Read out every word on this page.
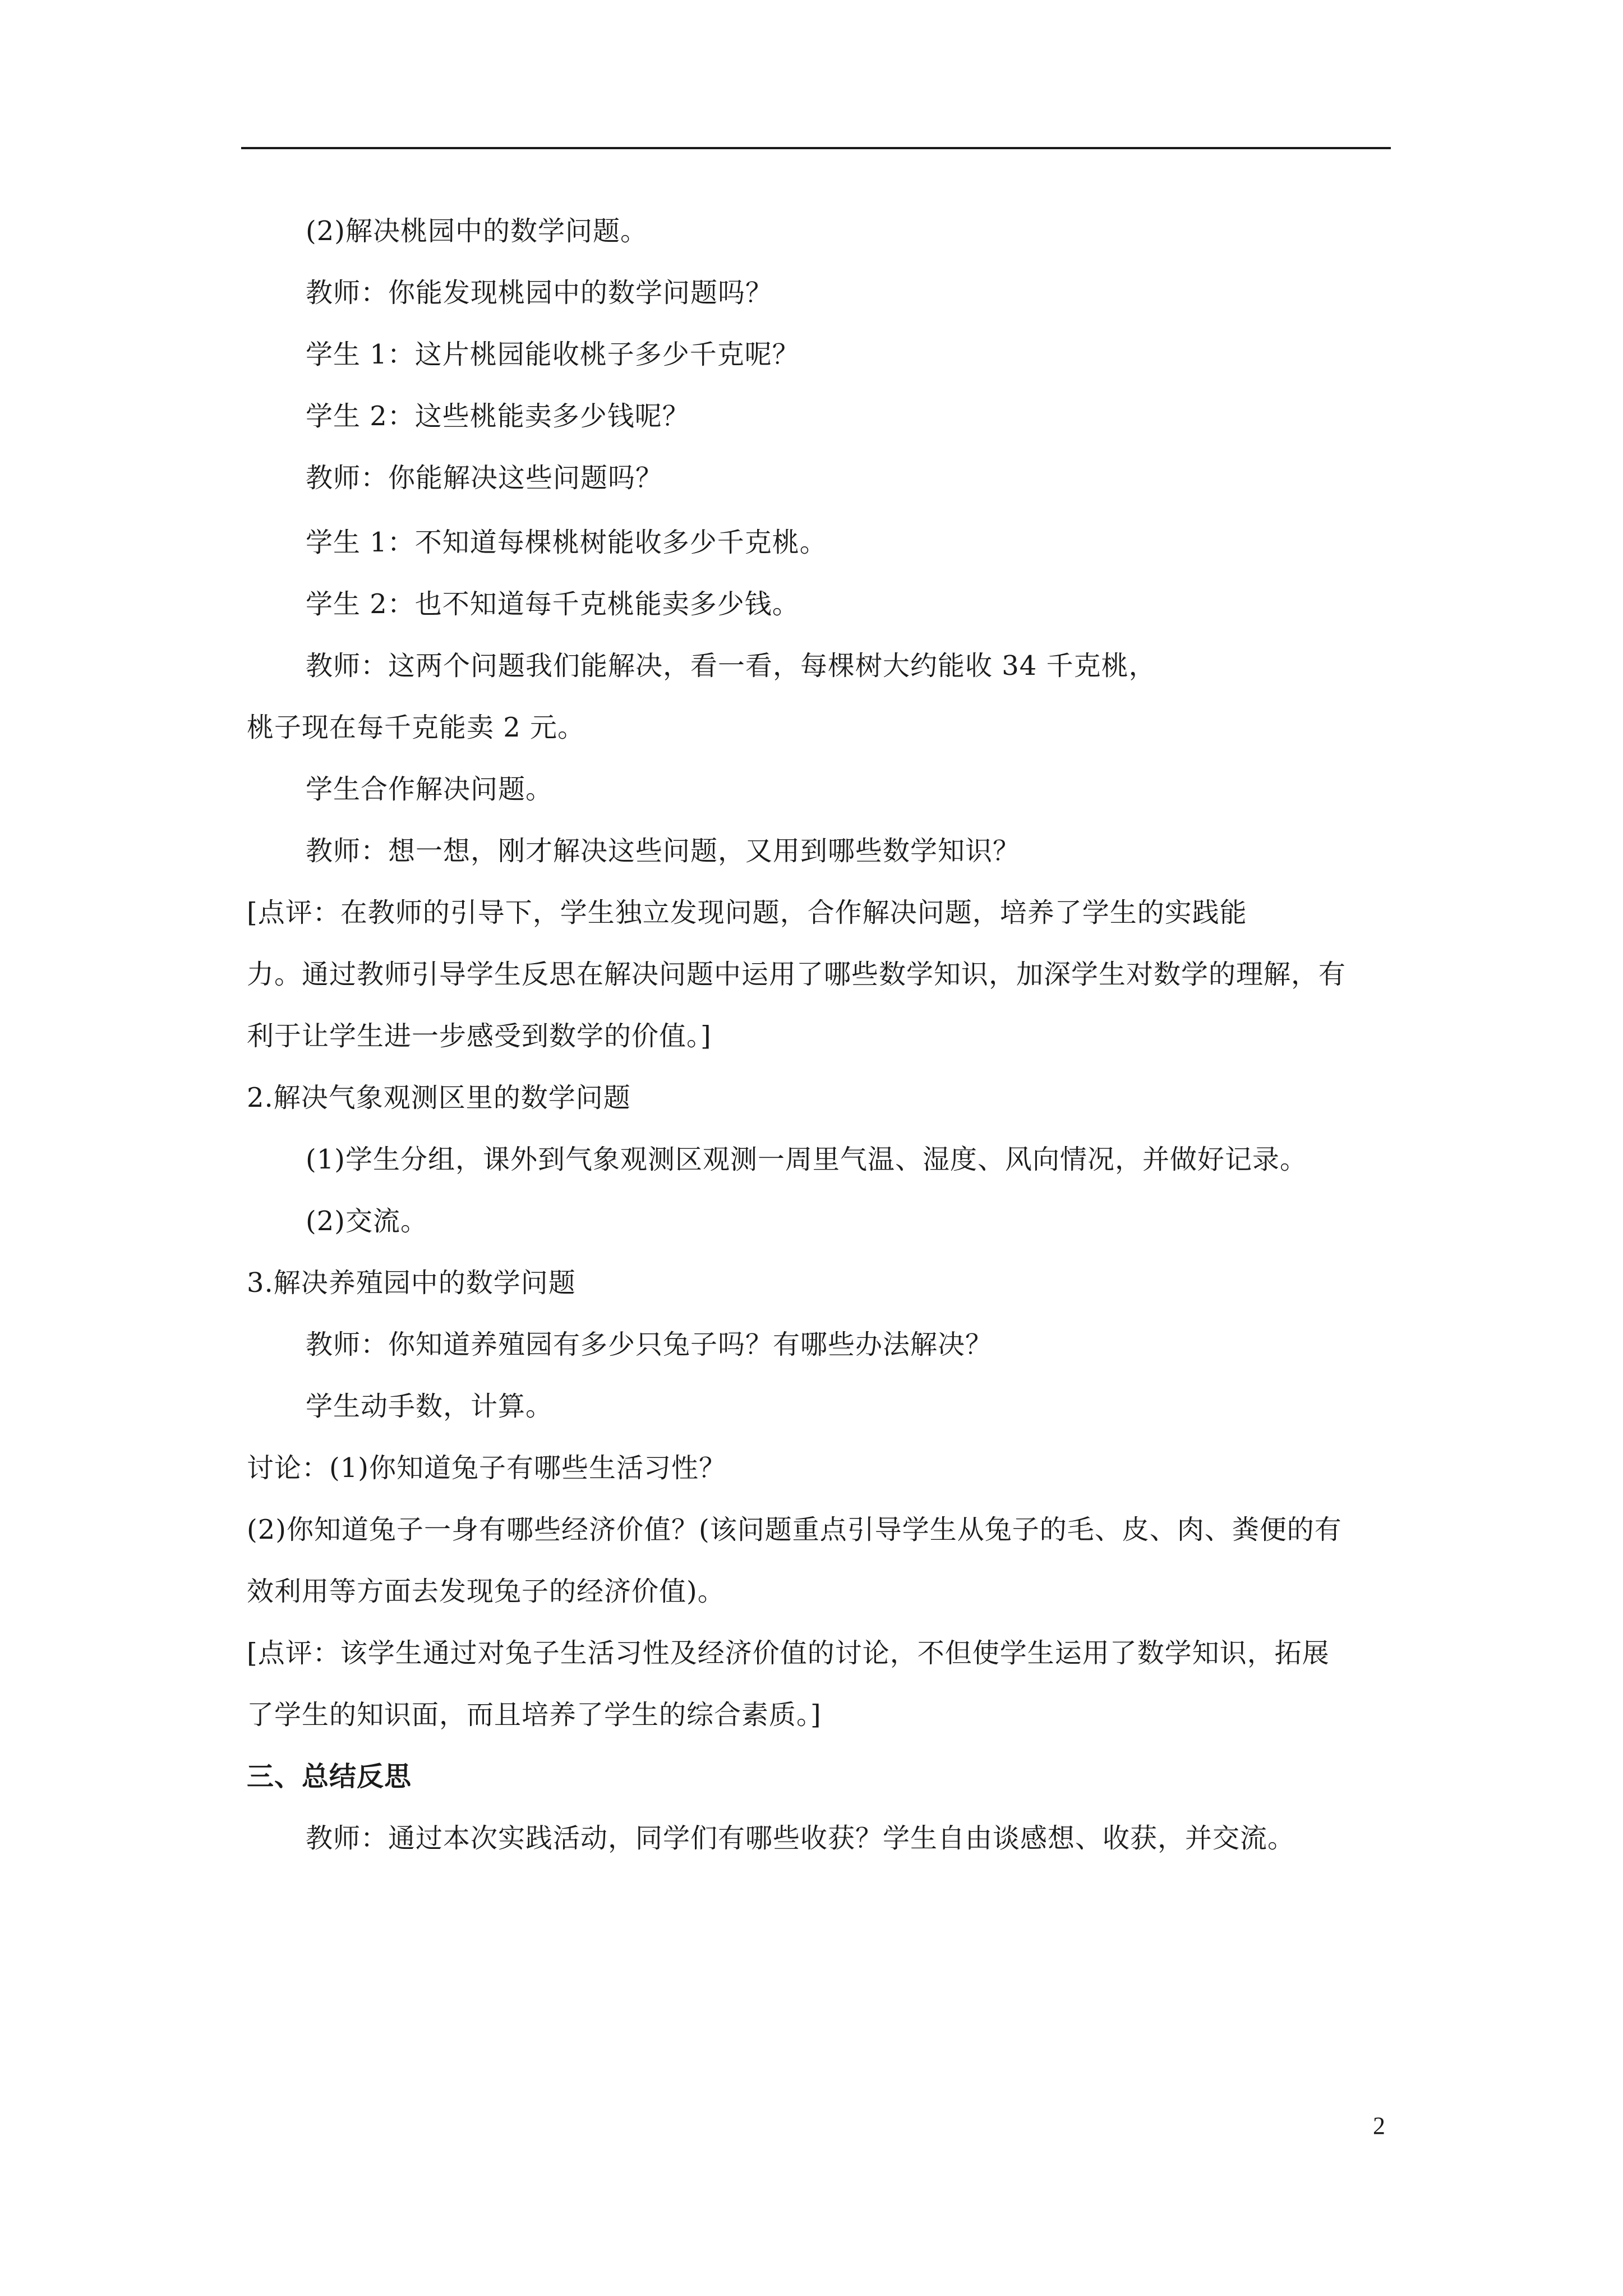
(2)解决桃园中的数学问题。
教师：你能发现桃园中的数学问题吗？
学生 1：这片桃园能收桃子多少千克呢？
学生 2：这些桃能卖多少钱呢？
教师：你能解决这些问题吗？
学生 1：不知道每棵桃树能收多少千克桃。
学生 2：也不知道每千克桃能卖多少钱。
教师：这两个问题我们能解决，看一看，每棵树大约能收 34 千克桃，
桃子现在每千克能卖 2 元。
学生合作解决问题。
教师：想一想，刚才解决这些问题，又用到哪些数学知识？
[点评：在教师的引导下，学生独立发现问题，合作解决问题，培养了学生的实践能
力。通过教师引导学生反思在解决问题中运用了哪些数学知识，加深学生对数学的理解，有
利于让学生进一步感受到数学的价值。]
2.解决气象观测区里的数学问题
(1)学生分组，课外到气象观测区观测一周里气温、湿度、风向情况，并做好记录。
(2)交流。
3.解决养殖园中的数学问题
教师：你知道养殖园有多少只兔子吗？有哪些办法解决？
学生动手数，计算。
讨论：(1)你知道兔子有哪些生活习性？
(2)你知道兔子一身有哪些经济价值？(该问题重点引导学生从兔子的毛、皮、肉、粪便的有
效利用等方面去发现兔子的经济价值)。
[点评：该学生通过对兔子生活习性及经济价值的讨论，不但使学生运用了数学知识，拓展
了学生的知识面，而且培养了学生的综合素质。]
三、总结反思
教师：通过本次实践活动，同学们有哪些收获？学生自由谈感想、收获，并交流。
2
